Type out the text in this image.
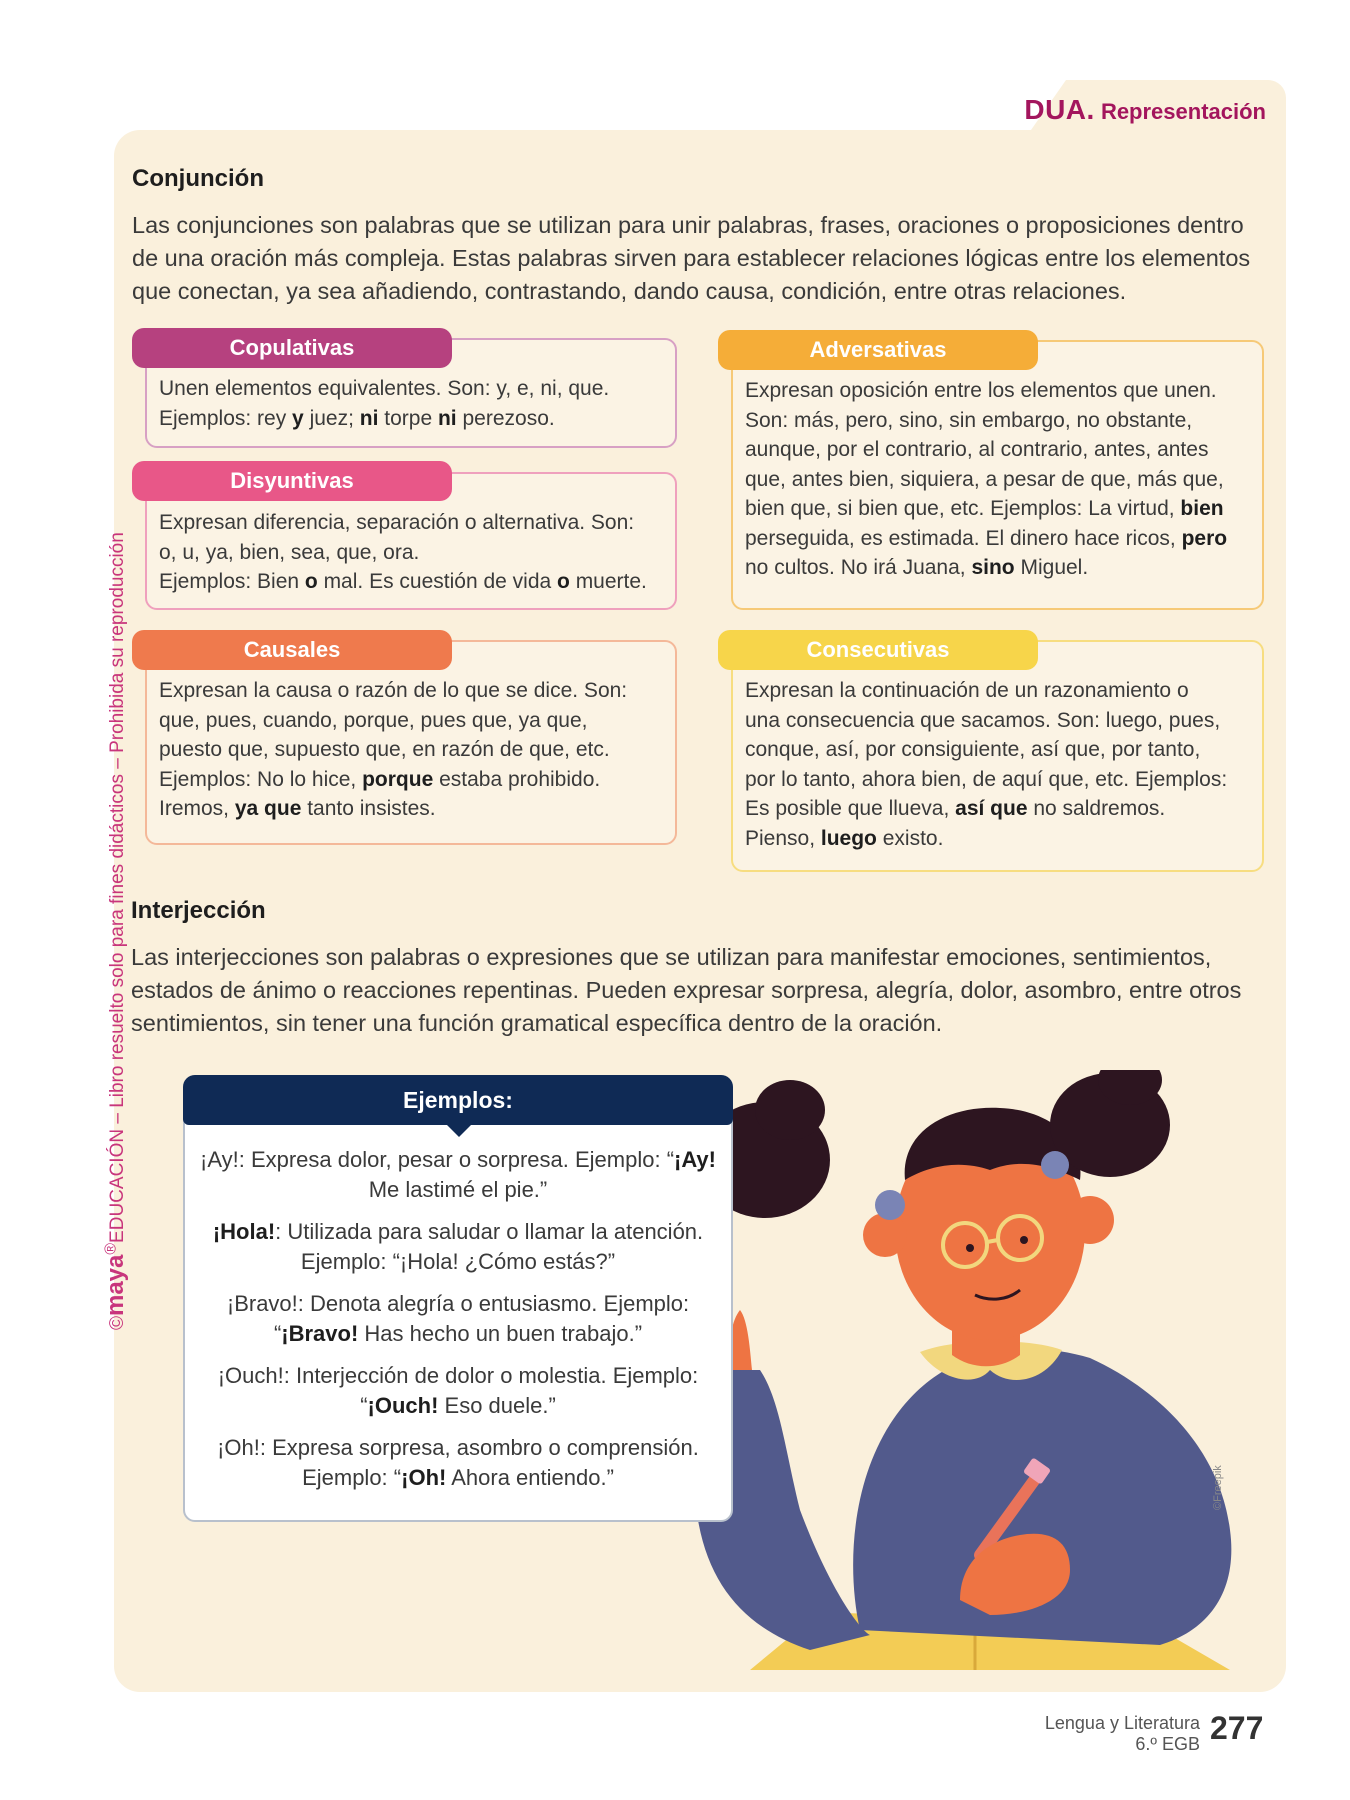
DUA. Representación
©maya®EDUCACIÓN – Libro resuelto solo para fines didácticos – Prohibida su reproducción
Conjunción

Las conjunciones son palabras que se utilizan para unir palabras, frases, oraciones o proposiciones dentro de una oración más compleja. Estas palabras sirven para establecer relaciones lógicas entre los elementos que conectan, ya sea añadiendo, contrastando, dando causa, condición, entre otras relaciones.

Unen elementos equivalentes. Son: y, e, ni, que.
Ejemplos: rey y juez; ni torpe ni perezoso.
Copulativas
Expresan diferencia, separación o alternativa. Son:
o, u, ya, bien, sea, que, ora.
Ejemplos: Bien o mal. Es cuestión de vida o muerte.
Disyuntivas
Expresan la causa o razón de lo que se dice. Son:
que, pues, cuando, porque, pues que, ya que,
puesto que, supuesto que, en razón de que, etc.
Ejemplos: No lo hice, porque estaba prohibido.
Iremos, ya que tanto insistes.
Causales
Expresan oposición entre los elementos que unen.
Son: más, pero, sino, sin embargo, no obstante,
aunque, por el contrario, al contrario, antes, antes
que, antes bien, siquiera, a pesar de que, más que,
bien que, si bien que, etc. Ejemplos: La virtud, bien
perseguida, es estimada. El dinero hace ricos, pero
no cultos. No irá Juana, sino Miguel.
Adversativas
Expresan la continuación de un razonamiento o
una consecuencia que sacamos. Son: luego, pues,
conque, así, por consiguiente, así que, por tanto,
por lo tanto, ahora bien, de aquí que, etc. Ejemplos:
Es posible que llueva, así que no saldremos.
Pienso, luego existo.
Consecutivas
Interjección

Las interjecciones son palabras o expresiones que se utilizan para manifestar emociones, sentimientos, estados de ánimo o reacciones repentinas. Pueden expresar sorpresa, alegría, dolor, asombro, entre otros sentimientos, sin tener una función gramatical específica dentro de la oración.

Ejemplos:
¡Ay!: Expresa dolor, pesar o sorpresa. Ejemplo: “¡Ay!
Me lastimé el pie.”
¡Hola!: Utilizada para saludar o llamar la atención.
Ejemplo: “¡Hola! ¿Cómo estás?”
¡Bravo!: Denota alegría o entusiasmo. Ejemplo:
“¡Bravo! Has hecho un buen trabajo.”
¡Ouch!: Interjección de dolor o molestia. Ejemplo:
“¡Ouch! Eso duele.”
¡Oh!: Expresa sorpresa, asombro o comprensión.
Ejemplo: “¡Oh! Ahora entiendo.”	©Freepik
Lengua y Literatura
6.º EGB 277
